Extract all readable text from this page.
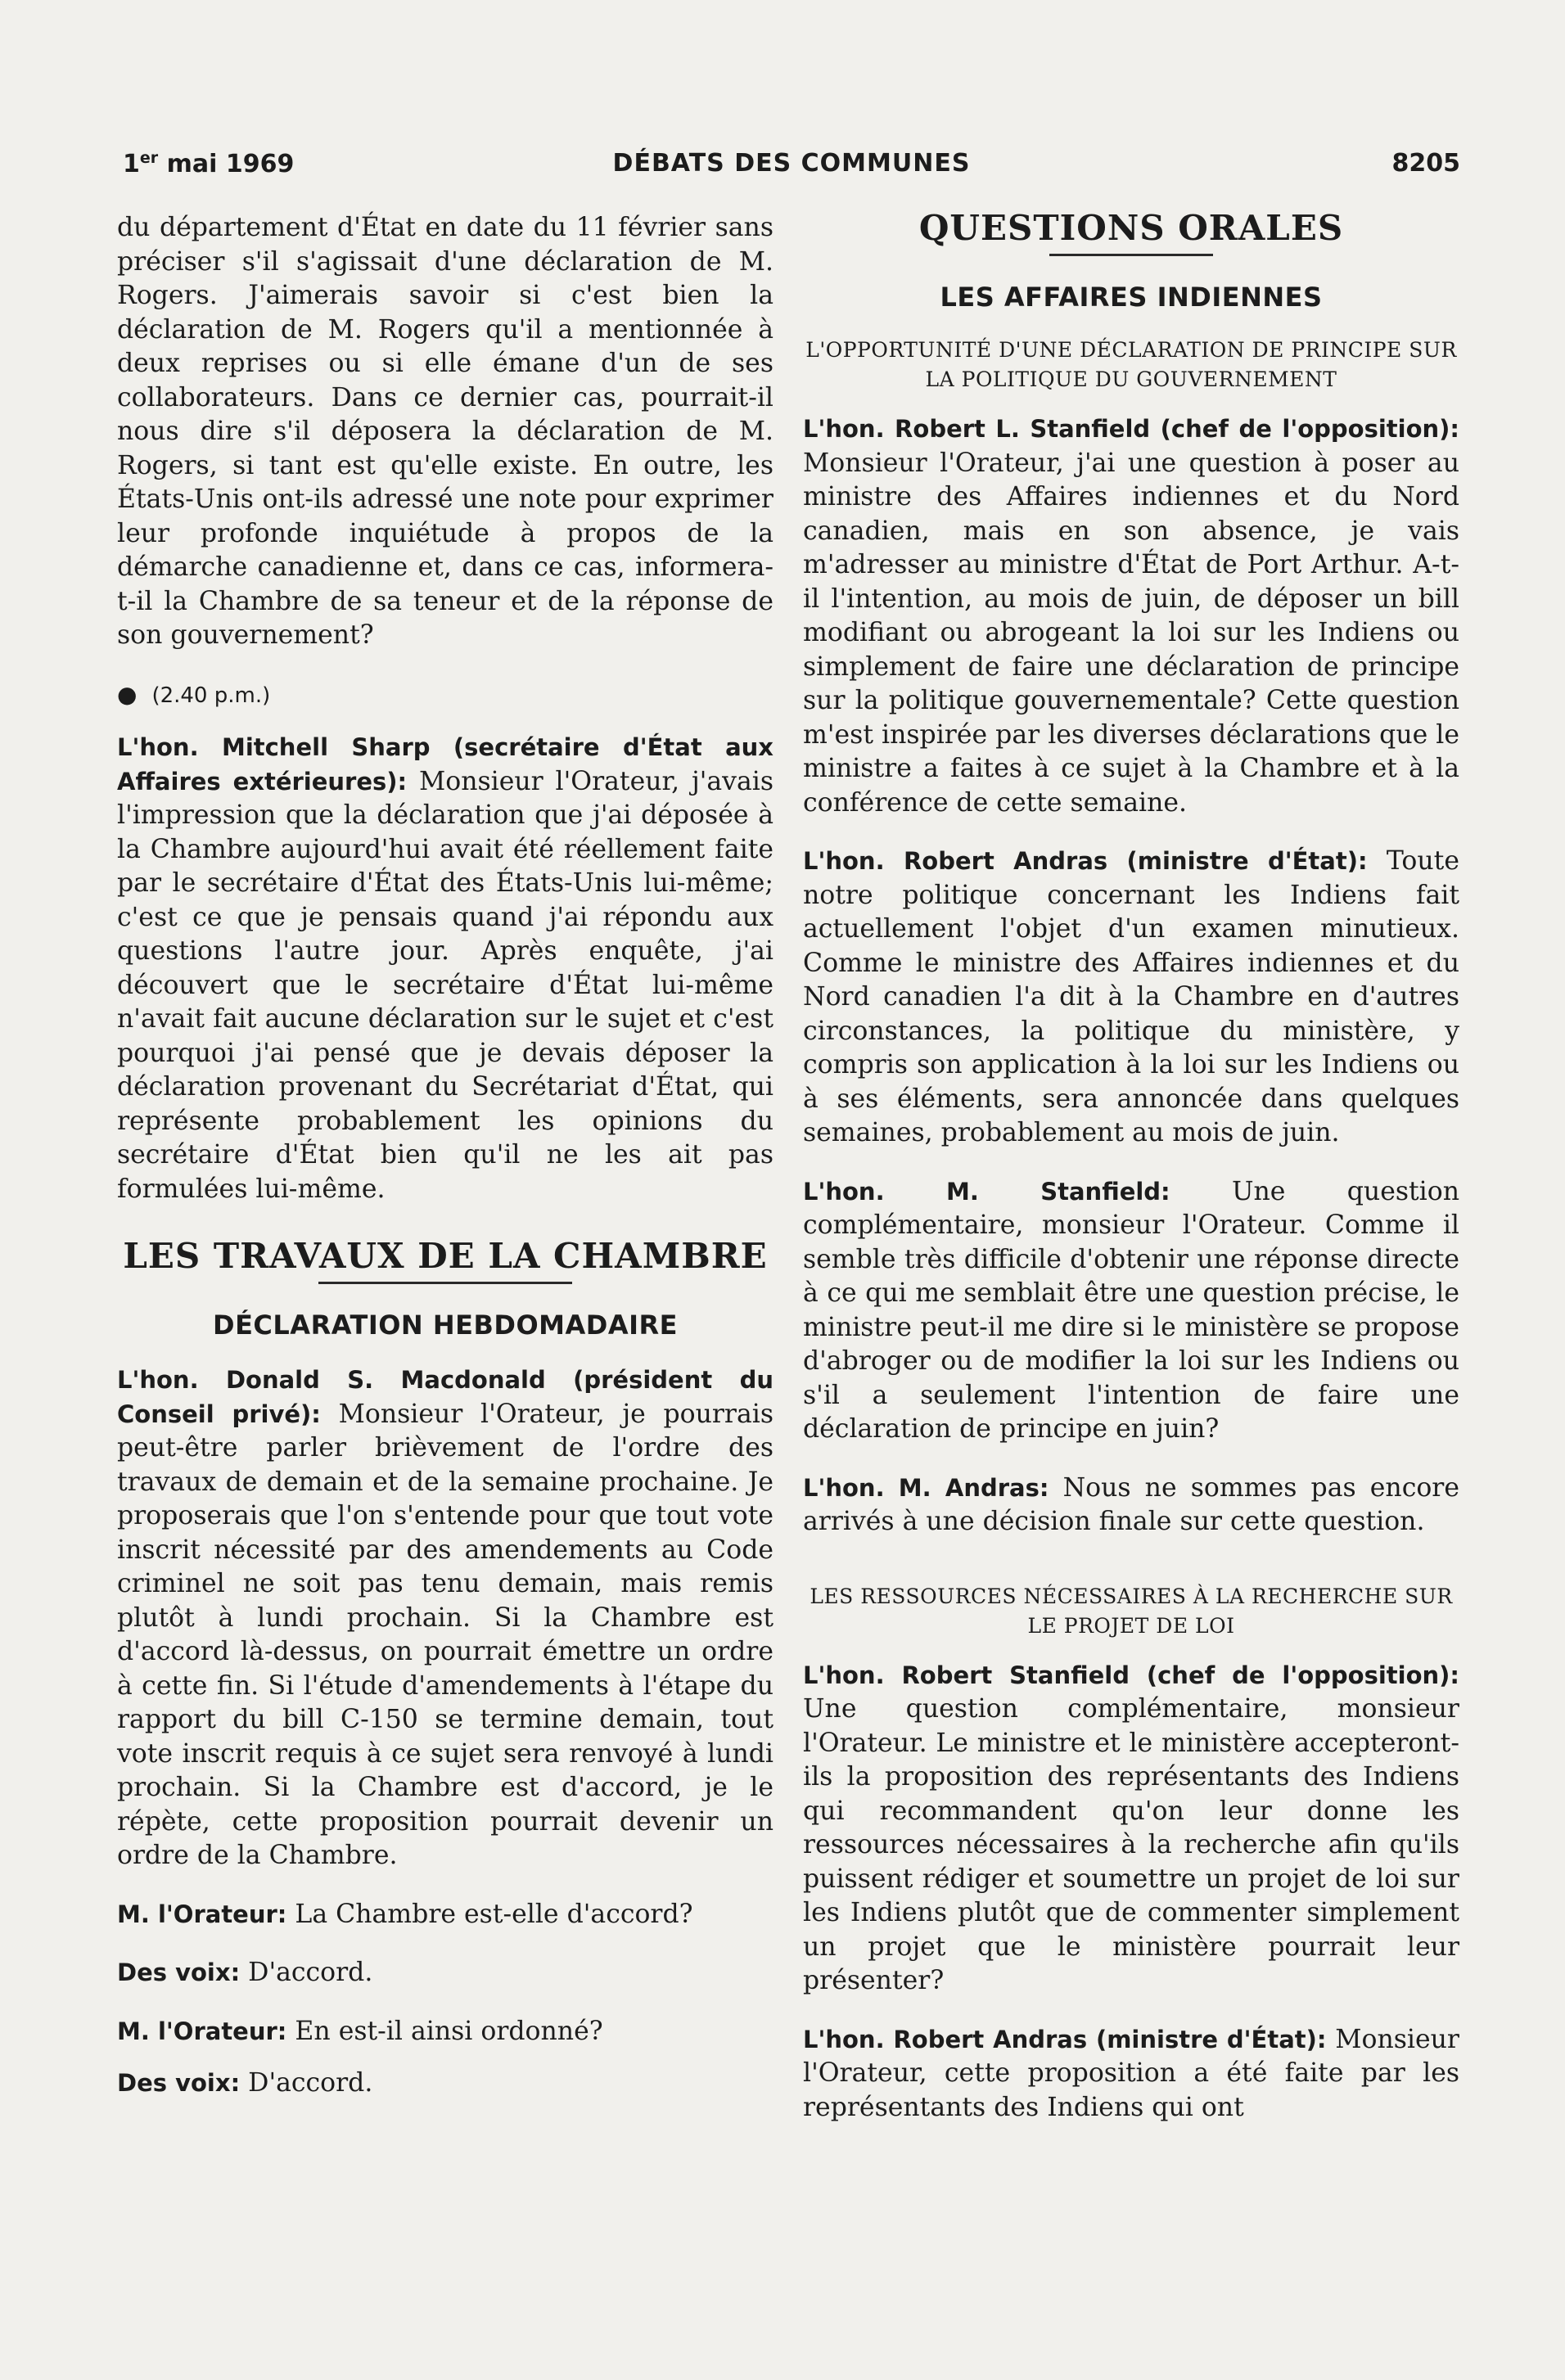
1er mai 1969	DÉBATS DES COMMUNES	8205

du département d'État en date du 11 février sans préciser s'il s'agissait d'une déclaration de M. Rogers. J'aimerais savoir si c'est bien la déclaration de M. Rogers qu'il a mentionnée à deux reprises ou si elle émane d'un de ses collaborateurs. Dans ce dernier cas, pourrait-il nous dire s'il déposera la déclaration de M. Rogers, si tant est qu'elle existe. En outre, les États-Unis ont-ils adressé une note pour exprimer leur profonde inquiétude à propos de la démarche canadienne et, dans ce cas, informera-t-il la Chambre de sa teneur et de la réponse de son gouvernement?

● (2.40 p.m.)

L'hon. Mitchell Sharp (secrétaire d'État aux Affaires extérieures): Monsieur l'Orateur, j'avais l'impression que la déclaration que j'ai déposée à la Chambre aujourd'hui avait été réellement faite par le secrétaire d'État des États-Unis lui-même; c'est ce que je pensais quand j'ai répondu aux questions l'autre jour. Après enquête, j'ai découvert que le secrétaire d'État lui-même n'avait fait aucune déclaration sur le sujet et c'est pourquoi j'ai pensé que je devais déposer la déclaration provenant du Secrétariat d'État, qui représente probablement les opinions du secrétaire d'État bien qu'il ne les ait pas formulées lui-même.

LES TRAVAUX DE LA CHAMBRE
DÉCLARATION HEBDOMADAIRE

L'hon. Donald S. Macdonald (président du Conseil privé): Monsieur l'Orateur, je pourrais peut-être parler brièvement de l'ordre des travaux de demain et de la semaine prochaine. Je proposerais que l'on s'entende pour que tout vote inscrit nécessité par des amendements au Code criminel ne soit pas tenu demain, mais remis plutôt à lundi prochain. Si la Chambre est d'accord là-dessus, on pourrait émettre un ordre à cette fin. Si l'étude d'amendements à l'étape du rapport du bill C-150 se termine demain, tout vote inscrit requis à ce sujet sera renvoyé à lundi prochain. Si la Chambre est d'accord, je le répète, cette proposition pourrait devenir un ordre de la Chambre.

M. l'Orateur: La Chambre est-elle d'accord?

Des voix: D'accord.

M. l'Orateur: En est-il ainsi ordonné?

Des voix: D'accord.

QUESTIONS ORALES
LES AFFAIRES INDIENNES
L'OPPORTUNITÉ D'UNE DÉCLARATION DE PRINCIPE SUR LA POLITIQUE DU GOUVERNEMENT

L'hon. Robert L. Stanfield (chef de l'opposition): Monsieur l'Orateur, j'ai une question à poser au ministre des Affaires indiennes et du Nord canadien, mais en son absence, je vais m'adresser au ministre d'État de Port Arthur. A-t-il l'intention, au mois de juin, de déposer un bill modifiant ou abrogeant la loi sur les Indiens ou simplement de faire une déclaration de principe sur la politique gouvernementale? Cette question m'est inspirée par les diverses déclarations que le ministre a faites à ce sujet à la Chambre et à la conférence de cette semaine.

L'hon. Robert Andras (ministre d'État): Toute notre politique concernant les Indiens fait actuellement l'objet d'un examen minutieux. Comme le ministre des Affaires indiennes et du Nord canadien l'a dit à la Chambre en d'autres circonstances, la politique du ministère, y compris son application à la loi sur les Indiens ou à ses éléments, sera annoncée dans quelques semaines, probablement au mois de juin.

L'hon. M. Stanfield: Une question complémentaire, monsieur l'Orateur. Comme il semble très difficile d'obtenir une réponse directe à ce qui me semblait être une question précise, le ministre peut-il me dire si le ministère se propose d'abroger ou de modifier la loi sur les Indiens ou s'il a seulement l'intention de faire une déclaration de principe en juin?

L'hon. M. Andras: Nous ne sommes pas encore arrivés à une décision finale sur cette question.

LES RESSOURCES NÉCESSAIRES À LA RECHERCHE SUR LE PROJET DE LOI

L'hon. Robert Stanfield (chef de l'opposition): Une question complémentaire, monsieur l'Orateur. Le ministre et le ministère accepteront-ils la proposition des représentants des Indiens qui recommandent qu'on leur donne les ressources nécessaires à la recherche afin qu'ils puissent rédiger et soumettre un projet de loi sur les Indiens plutôt que de commenter simplement un projet que le ministère pourrait leur présenter?

L'hon. Robert Andras (ministre d'État): Monsieur l'Orateur, cette proposition a été faite par les représentants des Indiens qui ont
